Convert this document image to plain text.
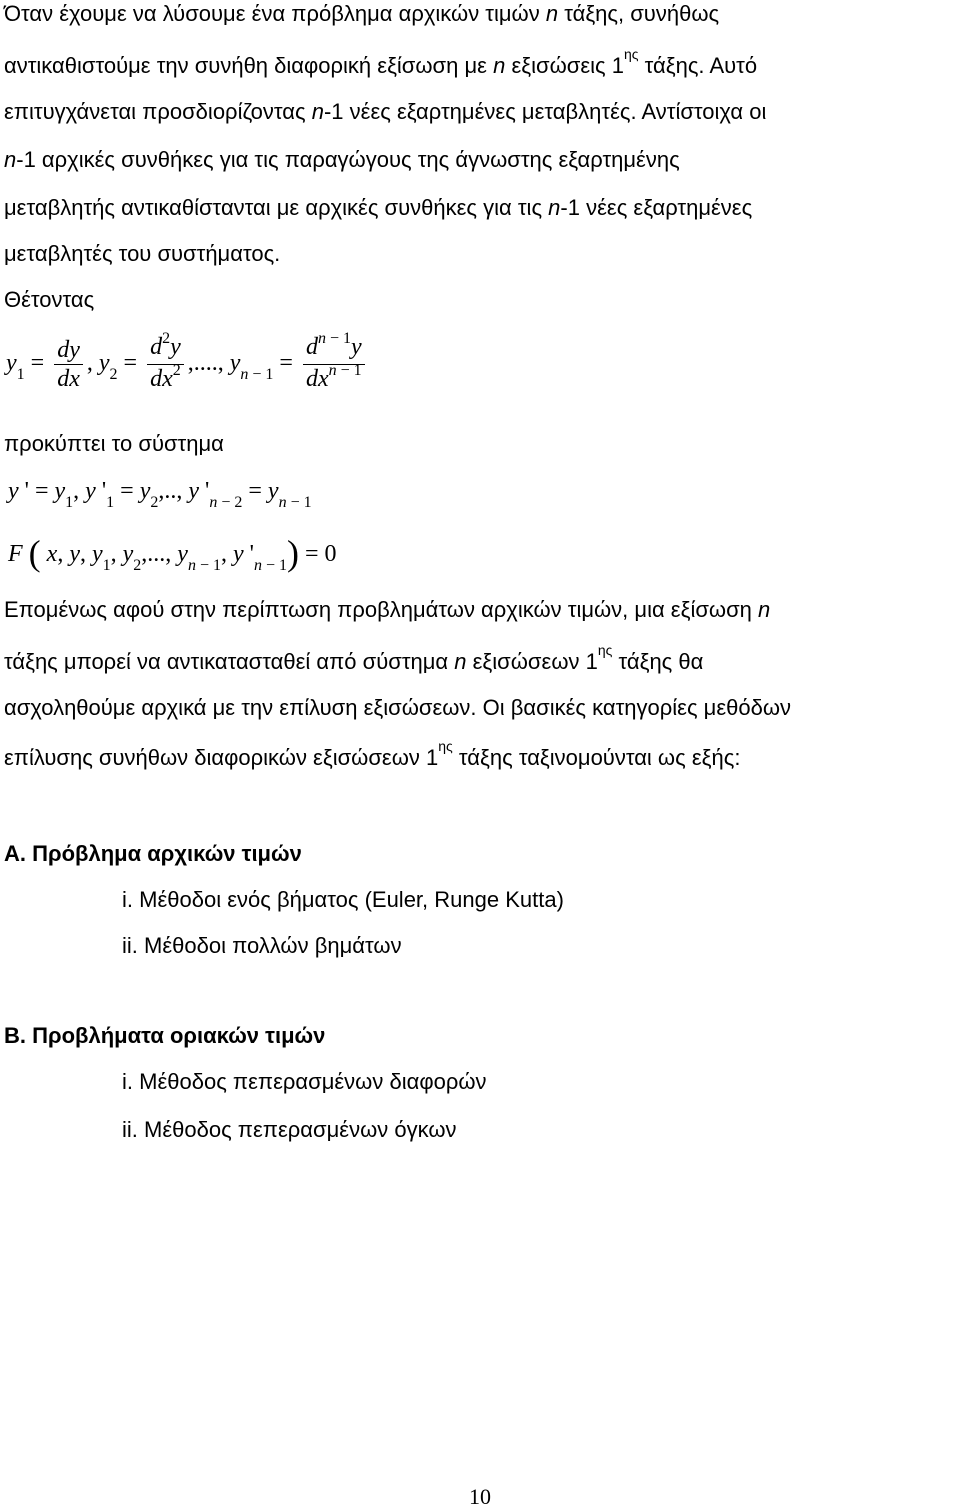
Όταν έχουμε να λύσουμε ένα πρόβλημα αρχικών τιμών n τάξης, συνήθως
αντικαθιστούμε την συνήθη διαφορική εξίσωση με n εξισώσεις $1^{\eta\varsigma}$ τάξης. Αυτό
επιτυγχάνεται προσδιορίζοντας n-1 νέες εξαρτημένες μεταβλητές. Αντίστοιχα οι
n-1 αρχικές συνθήκες για τις παραγώγους της άγνωστης εξαρτημένης
μεταβλητής αντικαθίστανται με αρχικές συνθήκες για τις n-1 νέες εξαρτημένες
μεταβλητές του συστήματος.
Θέτοντας
$y_1 = \frac{dy}{dx}$ , $y_2 = \frac{d^2y}{dx^2}$ ,...., $y_{n - 1} = \frac{d^{n - 1}y}{dx^{n - 1}}$
προκύπτει το σύστημα
y ' = $y_1$, y '$_1 = y_2$,.., y '$_{n - 2} = y_{n - 1}$
F ( x, y, $y_1$, $y_2$,..., $y_{n - 1}$, y '$_{n - 1}) = 0$
Επομένως αφού στην περίπτωση προβλημάτων αρχικών τιμών, μια εξίσωση n
τάξης μπορεί να αντικατασταθεί από σύστημα n εξισώσεων $1^{\eta\varsigma}$ τάξης θα
ασχοληθούμε αρχικά με την επίλυση εξισώσεων. Οι βασικές κατηγορίες μεθόδων
επίλυσης συνήθων διαφορικών εξισώσεων $1^{\eta\varsigma}$ τάξης ταξινομούνται ως εξής:
Α. Πρόβλημα αρχικών τιμών
i. Μέθοδοι ενός βήματος (Euler, Runge Kutta)
ii. Μέθοδοι πολλών βημάτων
Β. Προβλήματα οριακών τιμών
i. Μέθοδος πεπερασμένων διαφορών
ii. Μέθοδος πεπερασμένων όγκων
10
